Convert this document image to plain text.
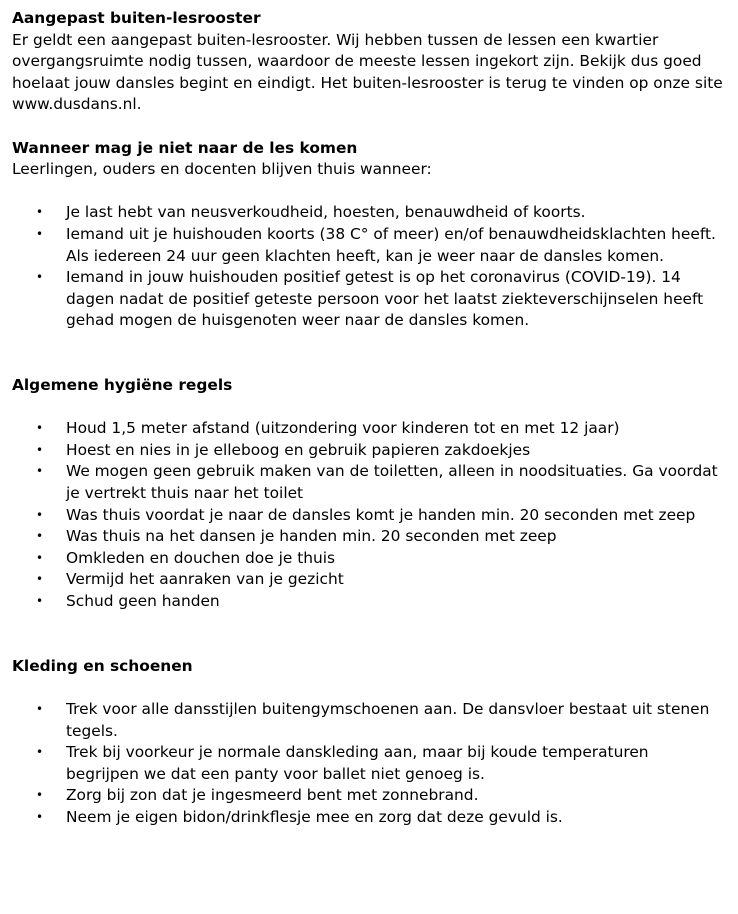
Aangepast buiten-lesrooster

Er geldt een aangepast buiten-lesrooster. Wij hebben tussen de lessen een kwartier overgangsruimte nodig tussen, waardoor de meeste lessen ingekort zijn. Bekijk dus goed hoelaat jouw dansles begint en eindigt. Het buiten-lesrooster is terug te vinden op onze site www.dusdans.nl.

Wanneer mag je niet naar de les komen

Leerlingen, ouders en docenten blijven thuis wanneer:

• Je last hebt van neusverkoudheid, hoesten, benauwdheid of koorts.
• Iemand uit je huishouden koorts (38 C° of meer) en/of benauwdheidsklachten heeft. Als iedereen 24 uur geen klachten heeft, kan je weer naar de dansles komen.
• Iemand in jouw huishouden positief getest is op het coronavirus (COVID-19). 14 dagen nadat de positief geteste persoon voor het laatst ziekteverschijnselen heeft gehad mogen de huisgenoten weer naar de dansles komen.

Algemene hygiëne regels

• Houd 1,5 meter afstand (uitzondering voor kinderen tot en met 12 jaar)
• Hoest en nies in je elleboog en gebruik papieren zakdoekjes
• We mogen geen gebruik maken van de toiletten, alleen in noodsituaties. Ga voordat je vertrekt thuis naar het toilet
• Was thuis voordat je naar de dansles komt je handen min. 20 seconden met zeep
• Was thuis na het dansen je handen min. 20 seconden met zeep
• Omkleden en douchen doe je thuis
• Vermijd het aanraken van je gezicht
• Schud geen handen

Kleding en schoenen

• Trek voor alle dansstijlen buitengymschoenen aan. De dansvloer bestaat uit stenen tegels.
• Trek bij voorkeur je normale danskleding aan, maar bij koude temperaturen begrijpen we dat een panty voor ballet niet genoeg is.
• Zorg bij zon dat je ingesmeerd bent met zonnebrand.
• Neem je eigen bidon/drinkflesje mee en zorg dat deze gevuld is.
